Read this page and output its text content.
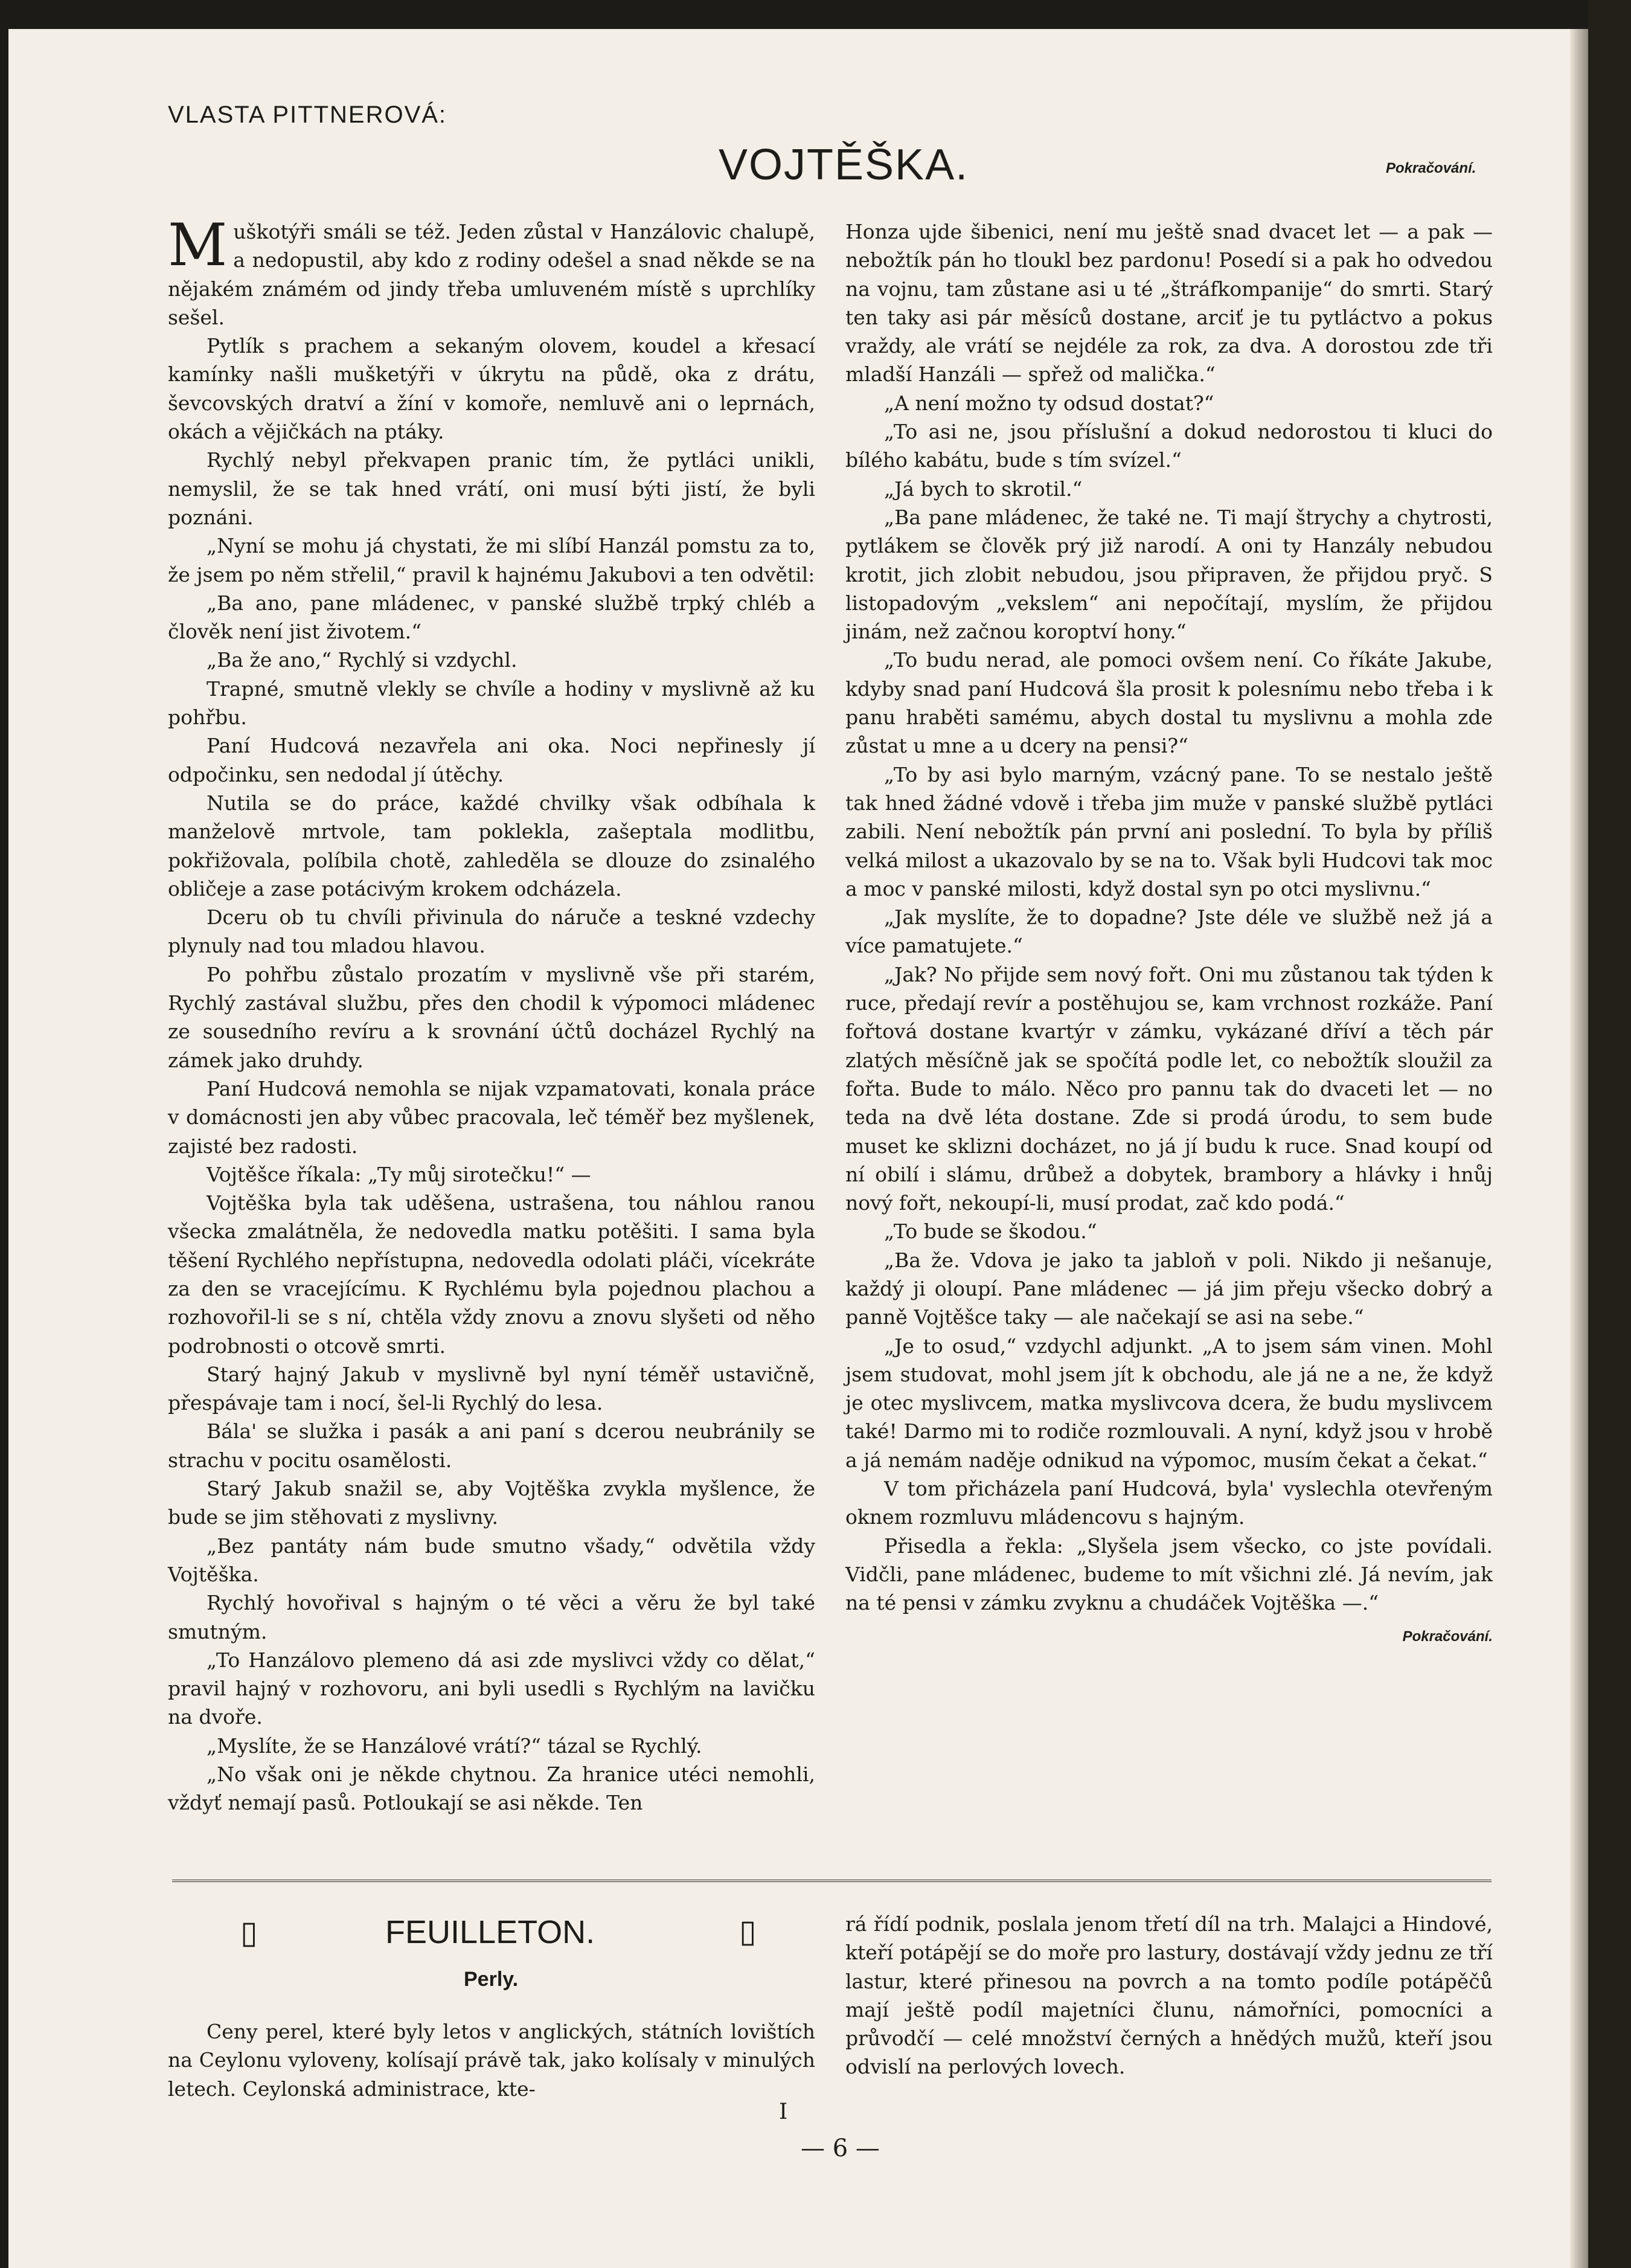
VLASTA PITTNEROVÁ:
VOJTĚŠKA.	Pokračování.

Muškotýři smáli se též. Jeden zůstal v Hanzálovic chalupě, a nedopustil, aby kdo z rodiny odešel a snad někde se na nějakém známém od jindy třeba umluveném místě s uprchlíky sešel.

Pytlík s prachem a sekaným olovem, koudel a křesací kamínky našli mušketýři v úkrytu na půdě, oka z drátu, ševcovských dratví a žíní v komoře, nemluvě ani o leprnách, okách a vějičkách na ptáky.

Rychlý nebyl překvapen pranic tím, že pytláci unikli, nemyslil, že se tak hned vrátí, oni musí býti jistí, že byli poznáni.

„Nyní se mohu já chystati, že mi slíbí Hanzál pomstu za to, že jsem po něm střelil,“ pravil k hajnému Jakubovi a ten odvětil:

„Ba ano, pane mládenec, v panské službě trpký chléb a člověk není jist životem.“

„Ba že ano,“ Rychlý si vzdychl.

Trapné, smutně vlekly se chvíle a hodiny v myslivně až ku pohřbu.

Paní Hudcová nezavřela ani oka. Noci nepřinesly jí odpočinku, sen nedodal jí útěchy.

Nutila se do práce, každé chvilky však odbíhala k manželově mrtvole, tam poklekla, zašeptala modlitbu, pokřižovala, políbila chotě, zahleděla se dlouze do zsinalého obličeje a zase potácivým krokem odcházela.

Dceru ob tu chvíli přivinula do náruče a teskné vzdechy plynuly nad tou mladou hlavou.

Po pohřbu zůstalo prozatím v myslivně vše při starém, Rychlý zastával službu, přes den chodil k výpomoci mládenec ze sousedního revíru a k srovnání účtů docházel Rychlý na zámek jako druhdy.

Paní Hudcová nemohla se nijak vzpamatovati, konala práce v domácnosti jen aby vůbec pracovala, leč téměř bez myšlenek, zajisté bez radosti.

Vojtěšce říkala: „Ty můj sirotečku!“ —

Vojtěška byla tak uděšena, ustrašena, tou náhlou ranou všecka zmalátněla, že nedovedla matku potěšiti. I sama byla těšení Rychlého nepřístupna, nedovedla odolati pláči, vícekráte za den se vracejícímu. K Rychlému byla pojednou plachou a rozhovořil-li se s ní, chtěla vždy znovu a znovu slyšeti od něho podrobnosti o otcově smrti.

Starý hajný Jakub v myslivně byl nyní téměř ustavičně, přespávaje tam i nocí, šel-li Rychlý do lesa.

Bála' se služka i pasák a ani paní s dcerou neubránily se strachu v pocitu osamělosti.

Starý Jakub snažil se, aby Vojtěška zvykla myšlence, že bude se jim stěhovati z myslivny.

„Bez pantáty nám bude smutno všady,“ odvětila vždy Vojtěška.

Rychlý hovořival s hajným o té věci a věru že byl také smutným.

„To Hanzálovo plemeno dá asi zde myslivci vždy co dělat,“ pravil hajný v rozhovoru, ani byli usedli s Rychlým na lavičku na dvoře.

„Myslíte, že se Hanzálové vrátí?“ tázal se Rychlý.

„No však oni je někde chytnou. Za hranice utéci nemohli, vždyť nemají pasů. Potloukají se asi někde. Ten

Honza ujde šibenici, není mu ještě snad dvacet let — a pak — nebožtík pán ho tloukl bez pardonu! Posedí si a pak ho odvedou na vojnu, tam zůstane asi u té „štráfkompanije“ do smrti. Starý ten taky asi pár měsíců dostane, arciť je tu pytláctvo a pokus vraždy, ale vrátí se nejdéle za rok, za dva. A dorostou zde tři mladší Hanzáli — spřež od malička.“

„A není možno ty odsud dostat?“

„To asi ne, jsou příslušní a dokud nedorostou ti kluci do bílého kabátu, bude s tím svízel.“

„Já bych to skrotil.“

„Ba pane mládenec, že také ne. Ti mají štrychy a chytrosti, pytlákem se člověk prý již narodí. A oni ty Hanzály nebudou krotit, jich zlobit nebudou, jsou připraven, že přijdou pryč. S listopadovým „vekslem“ ani nepočítají, myslím, že přijdou jinám, než začnou koroptví hony.“

„To budu nerad, ale pomoci ovšem není. Co říkáte Jakube, kdyby snad paní Hudcová šla prosit k polesnímu nebo třeba i k panu hraběti samému, abych dostal tu myslivnu a mohla zde zůstat u mne a u dcery na pensi?“

„To by asi bylo marným, vzácný pane. To se nestalo ještě tak hned žádné vdově i třeba jim muže v panské službě pytláci zabili. Není nebožtík pán první ani poslední. To byla by příliš velká milost a ukazovalo by se na to. Však byli Hudcovi tak moc a moc v panské milosti, když dostal syn po otci myslivnu.“

„Jak myslíte, že to dopadne? Jste déle ve službě než já a více pamatujete.“

„Jak? No přijde sem nový fořt. Oni mu zůstanou tak týden k ruce, předají revír a postěhujou se, kam vrchnost rozkáže. Paní fořtová dostane kvartýr v zámku, vykázané dříví a těch pár zlatých měsíčně jak se spočítá podle let, co nebožtík sloužil za fořta. Bude to málo. Něco pro pannu tak do dvaceti let — no teda na dvě léta dostane. Zde si prodá úrodu, to sem bude muset ke sklizni docházet, no já jí budu k ruce. Snad koupí od ní obilí i slámu, drůbež a dobytek, brambory a hlávky i hnůj nový fořt, nekoupí-li, musí prodat, zač kdo podá.“

„To bude se škodou.“

„Ba že. Vdova je jako ta jabloň v poli. Nikdo ji nešanuje, každý ji oloupí. Pane mládenec — já jim přeju všecko dobrý a panně Vojtěšce taky — ale načekají se asi na sebe.“

„Je to osud,“ vzdychl adjunkt. „A to jsem sám vinen. Mohl jsem studovat, mohl jsem jít k obchodu, ale já ne a ne, že když je otec myslivcem, matka myslivcova dcera, že budu myslivcem také! Darmo mi to rodiče rozmlouvali. A nyní, když jsou v hrobě a já nemám naděje odnikud na výpomoc, musím čekat a čekat.“

V tom přicházela paní Hudcová, byla' vyslechla otevřeným oknem rozmluvu mládencovu s hajným.

Přisedla a řekla: „Slyšela jsem všecko, co jste povídali. Vidčli, pane mládenec, budeme to mít všichni zlé. Já nevím, jak na té pensi v zámku zvyknu a chudáček Vojtěška —.“

Pokračování.
▯	FEUILLETON.	▯
Perly.

Ceny perel, které byly letos v anglických, státních lovištích na Ceylonu vyloveny, kolísají právě tak, jako kolísaly v minulých letech. Ceylonská administrace, kte-

rá řídí podnik, poslala jenom třetí díl na trh. Malajci a Hindové, kteří potápějí se do moře pro lastury, dostávají vždy jednu ze tří lastur, které přinesou na povrch a na tomto podíle potápěčů mají ještě podíl majetníci člunu, námořníci, pomocníci a průvodčí — celé množství černých a hnědých mužů, kteří jsou odvislí na perlových lovech.

I
— 6 —
